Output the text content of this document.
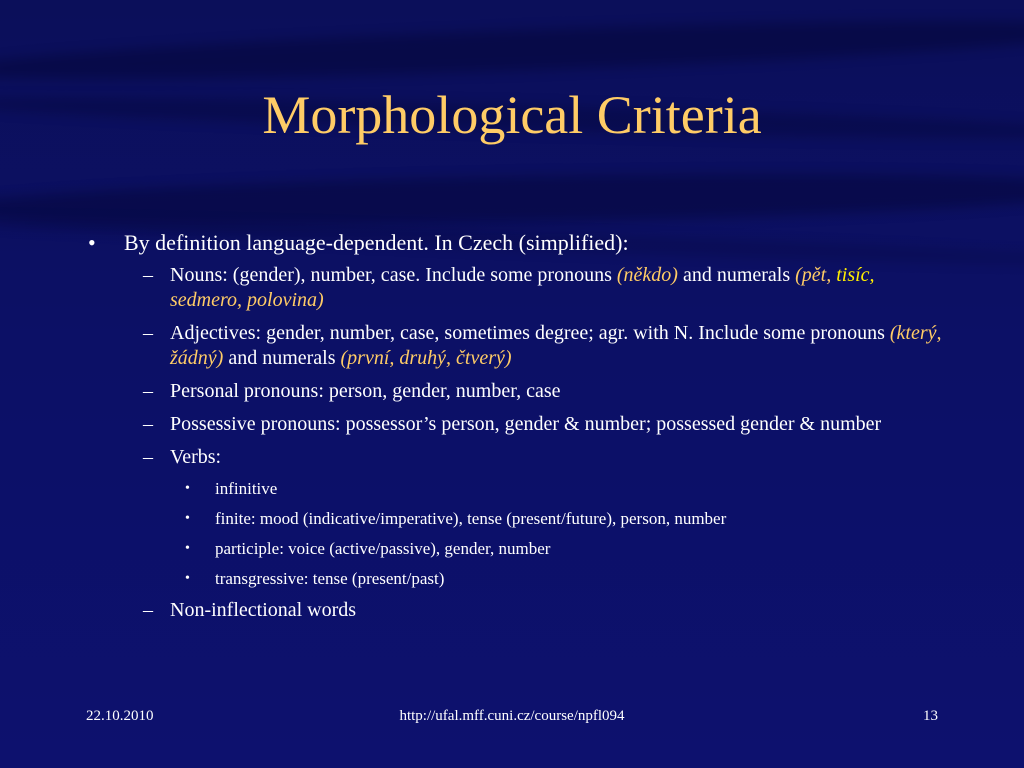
Morphological Criteria
• By definition language-dependent. In Czech (simplified):
– Nouns: (gender), number, case. Include some pronouns (někdo) and numerals (pět, tisíc, sedmero, polovina)
– Adjectives: gender, number, case, sometimes degree; agr. with N. Include some pronouns (který, žádný) and numerals (první, druhý, čtverý)
– Personal pronouns: person, gender, number, case
– Possessive pronouns: possessor’s person, gender & number; possessed gender & number
– Verbs:
• infinitive
• finite: mood (indicative/imperative), tense (present/future), person, number
• participle: voice (active/passive), gender, number
• transgressive: tense (present/past)
– Non-inflectional words
22.10.2010	http://ufal.mff.cuni.cz/course/npfl094	13
